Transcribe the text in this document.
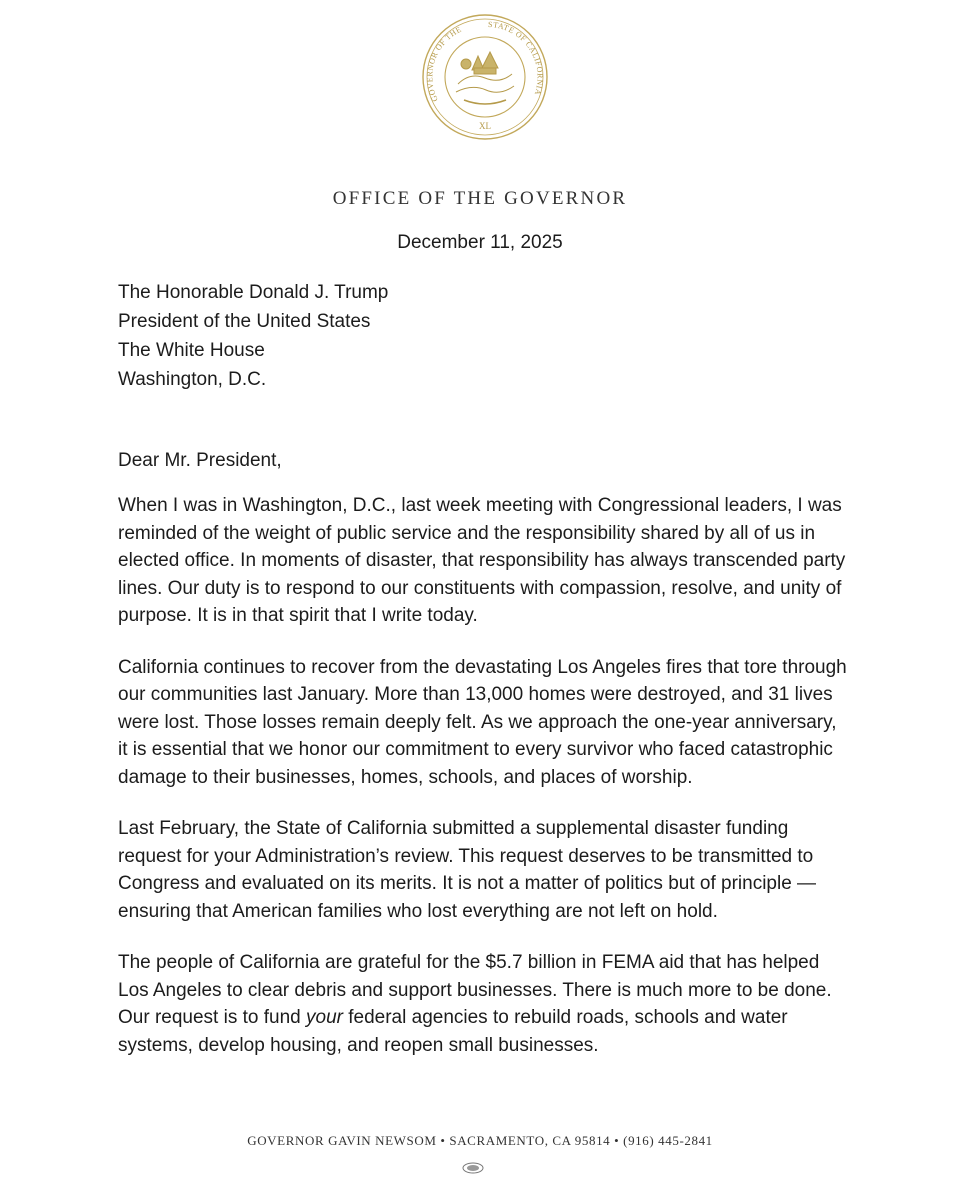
GOVERNOR OF THE
STATE OF CALIFORNIA
XL
OFFICE OF THE GOVERNOR
December 11, 2025
The Honorable Donald J. Trump
President of the United States
The White House
Washington, D.C.
Dear Mr. President,

When I was in Washington, D.C., last week meeting with Congressional leaders, I was reminded of the weight of public service and the responsibility shared by all of us in elected office. In moments of disaster, that responsibility has always transcended party lines. Our duty is to respond to our constituents with compassion, resolve, and unity of purpose. It is in that spirit that I write today.

California continues to recover from the devastating Los Angeles fires that tore through our communities last January. More than 13,000 homes were destroyed, and 31 lives were lost. Those losses remain deeply felt. As we approach the one-year anniversary, it is essential that we honor our commitment to every survivor who faced catastrophic damage to their businesses, homes, schools, and places of worship.

Last February, the State of California submitted a supplemental disaster funding request for your Administration’s review. This request deserves to be transmitted to Congress and evaluated on its merits. It is not a matter of politics but of principle — ensuring that American families who lost everything are not left on hold.

The people of California are grateful for the $5.7 billion in FEMA aid that has helped Los Angeles to clear debris and support businesses. There is much more to be done. Our request is to fund your federal agencies to rebuild roads, schools and water systems, develop housing, and reopen small businesses.

GOVERNOR GAVIN NEWSOM • SACRAMENTO, CA 95814 • (916) 445-2841
